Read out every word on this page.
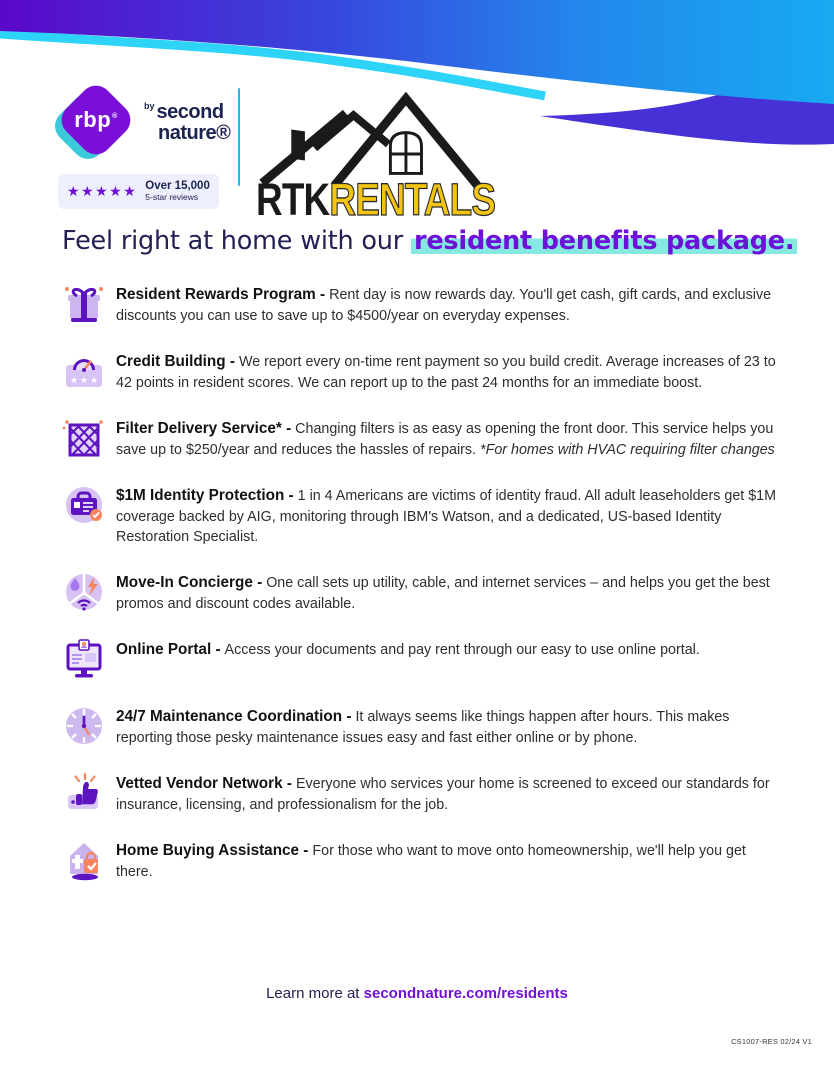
rbp ®
$^{by}$ second
nature®
★★★★★ Over 15,000
5-star reviews RTK RENTALS
Feel right at home with our resident benefits package.

Resident Rewards Program - Rent day is now rewards day. You'll get cash, gift cards, and exclusive discounts you can use to save up to $4500/year on everyday expenses.

★ ★ ★

Credit Building - We report every on-time rent payment so you build credit. Average increases of 23 to 42 points in resident scores. We can report up to the past 24 months for an immediate boost.

Filter Delivery Service* - Changing filters is as easy as opening the front door. This service helps you save up to $250/year and reduces the hassles of repairs. *For homes with HVAC requiring filter changes

$1M Identity Protection - 1 in 4 Americans are victims of identity fraud. All adult leaseholders get $1M coverage backed by AIG, monitoring through IBM's Watson, and a dedicated, US-based Identity Restoration Specialist.

Move-In Concierge - One call sets up utility, cable, and internet services – and helps you get the best promos and discount codes available.

Online Portal - Access your documents and pay rent through our easy to use online portal.

24/7 Maintenance Coordination - It always seems like things happen after hours. This makes reporting those pesky maintenance issues easy and fast either online or by phone.

Vetted Vendor Network - Everyone who services your home is screened to exceed our standards for insurance, licensing, and professionalism for the job.

Home Buying Assistance - For those who want to move onto homeownership, we'll help you get there.

Learn more at secondnature.com/residents
CS1007-RES 02/24 V1
